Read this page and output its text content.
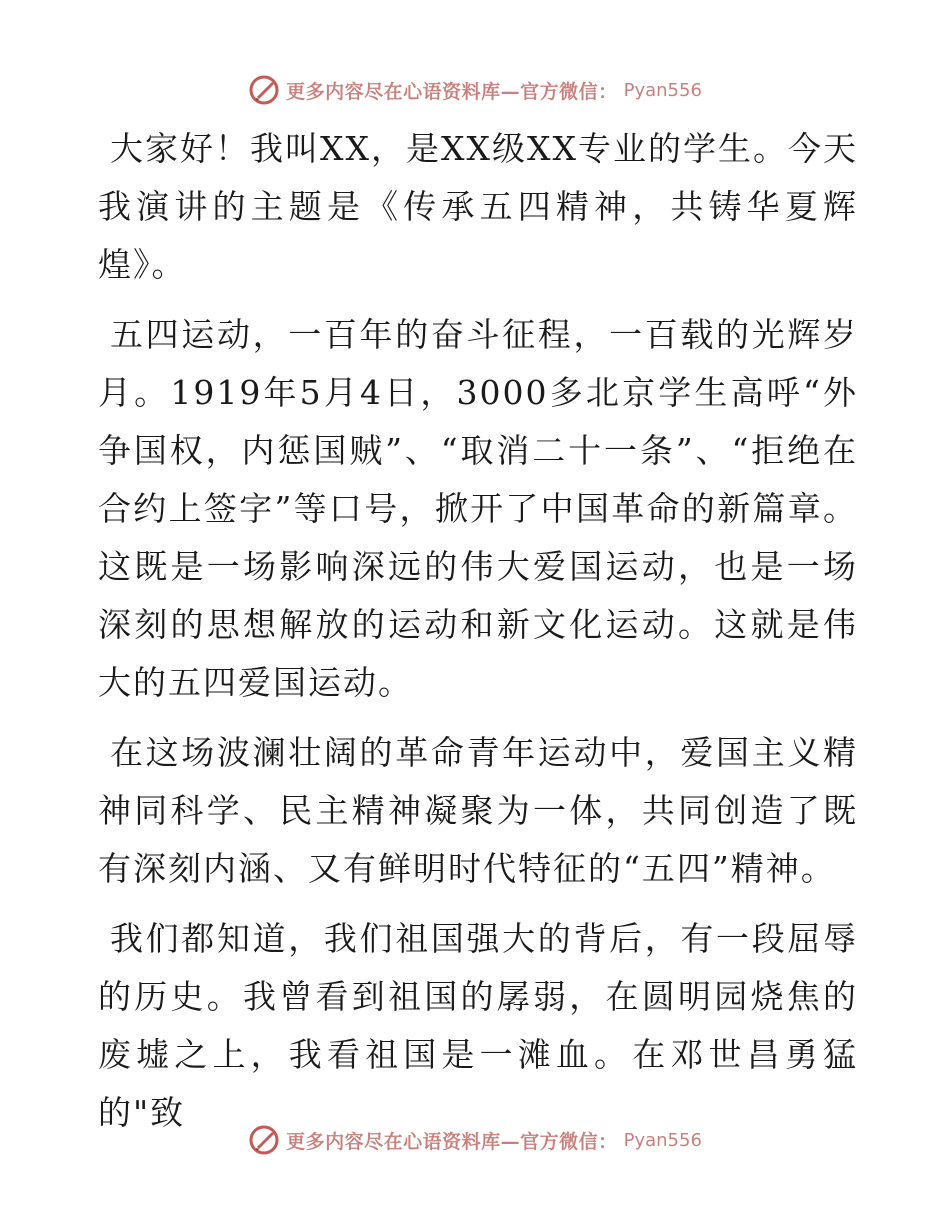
更多内容尽在心语资料库—官方微信： Pyan556

大家好！我叫XX，是XX级XX专业的学生。今天我演讲的主题是《传承五四精神，共铸华夏辉煌》。

五四运动，一百年的奋斗征程，一百载的光辉岁月。1919年5月4日，3000多北京学生高呼“外争国权，内惩国贼”、“取消二十一条”、“拒绝在合约上签字”等口号，掀开了中国革命的新篇章。这既是一场影响深远的伟大爱国运动，也是一场深刻的思想解放的运动和新文化运动。这就是伟大的五四爱国运动。

在这场波澜壮阔的革命青年运动中，爱国主义精神同科学、民主精神凝聚为一体，共同创造了既有深刻内涵、又有鲜明时代特征的“五四”精神。

我们都知道，我们祖国强大的背后，有一段屈辱的历史。我曾看到祖国的孱弱，在圆明园烧焦的废墟之上，我看祖国是一滩血。在邓世昌勇猛的"致

更多内容尽在心语资料库—官方微信： Pyan556
